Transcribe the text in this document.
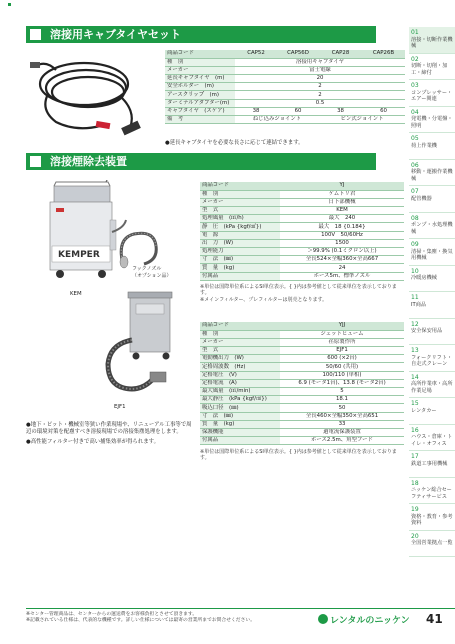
溶接用キャブタイヤセット
商品コード	CAP52	CAP56D	CAP28	CAP26B
種　別	溶接用キャブタイヤ			
メーカー	富士電線			
延長キャブタイヤ　(m)	20			
安全ホルダー　(m)	2			
アースクリップ　(m)	2			
ターミナルアダプター(m)	0.5			
キャブタイヤ　(スケア)	38	60	38	60
備　考	ねじ込みジョイント		ピン式ジョイント	
●延長キャブタイヤを必要な長さに応じて連結できます。
溶接煙除去装置
KEMPER
KEM
フックノズル
（オプション品）
EJF1
商品コード	YJ
種　別	ケムトリ君
メーカー	日下部機械
型　式	KEM
処理風量　(㎥/h)	最大　240
静　圧　(kPa {kgf/㎠})	最大　18 {0.184}
電　源	100V　50/60Hz
出　力　(W)	1500
処理能力	＞99.9% (0.1ミクロン以上)
寸　法　(㎜)	全長524×全幅360×全高667
質　量　(kg)	24
付属品	ホース5m、標準ノズル
※単位は国際単位系によるSI単位表示。{ }内は参考値として従来単位を表示しております。
※メインフィルター、プレフィルターは別売となります。
商品コード	YJJ
種　別	ジェットヒューム
メーカー	荏原製作所
型　式	EJF1
電動機出力　(W)	600 (×2台)
定格周波数　(Hz)	50/60 (共用)
定格電圧　(V)	100/110 (単相)
定格電流　(A)	6.9 (モータ1台)、13.8 (モータ2台)
最大風量　(㎥/min)	5
最大静圧　(kPa {kgf/㎠})	18.1
吸込口径　(㎜)	50
寸　法　(㎜)	全長460×全幅350×全高651
質　量　(kg)	33
保護機能	過電流保護装置
付属品	ホース2.5m、角型フード
※単位は国際単位系によるSI単位表示。{ }内は参考値として従来単位を表示しております。
●地下・ピット・機械室等狭い作業現場や、リニューアル工事等で周辺の環境対策を配慮すべき溶接現場での溶接集塵処理をします。
●高性能フィルター付きで高い捕集効率が得られます。
01
溶接・切断作業機械
02
切断・切削・加工・締付
03
コンプレッサー・エアー関連
04
発電機・分電盤・照明
05
荷上作業機
06
移動・運搬作業機械
07
配管機器
08
ポンプ・水処理機械
09
清掃・集塵・換気用機械
10
冷暖房機械
11
IT商品
12
安全保安用品
13
フォークリフト・自走式クレーン
14
高所作業車・高所作業足場
15
レンタカー
16
ハウス・倉庫・トイレ・オフィス
17
鉄道工事用機械
18
ニッケン総合セーフティサービス
19
資格・教育・参考資料
20
全国営業拠点一覧
※センター管理商品は、センターからの運送費をお客様負担とさせて頂きます。
※記載されている仕様は、代表的な機種です。詳しい仕様については最寄の営業所までお問合せください。	レンタルのニッケン 41
